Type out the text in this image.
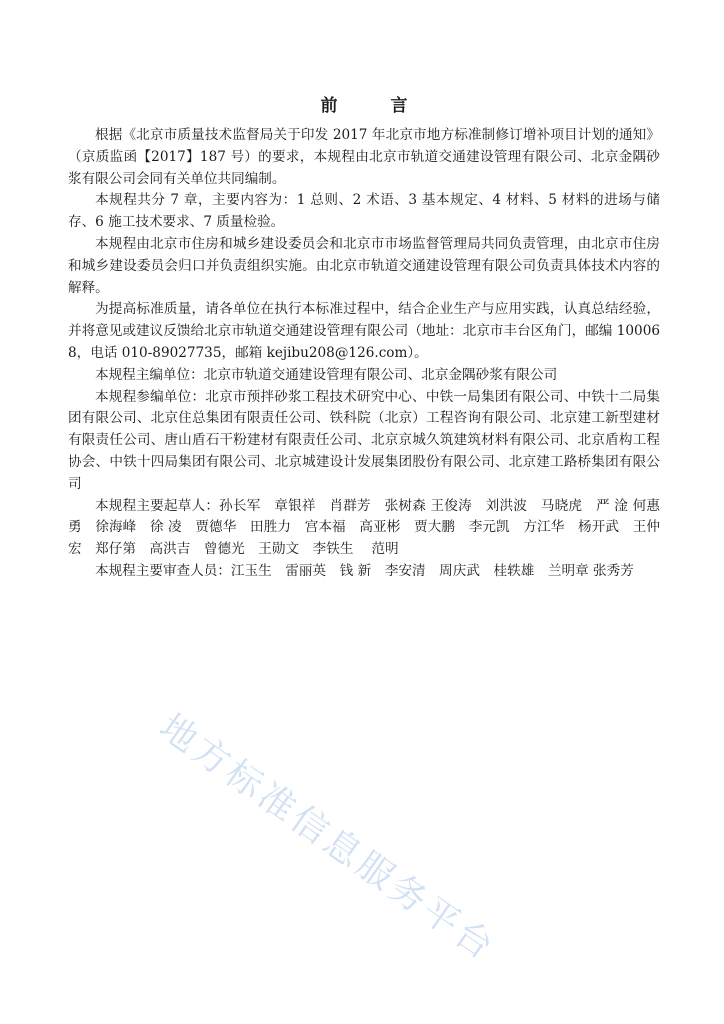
前　言

根据《北京市质量技术监督局关于印发 2017 年北京市地方标准制修订增补项目计划的通知》（京质监函【2017】187 号）的要求，本规程由北京市轨道交通建设管理有限公司、北京金隅砂浆有限公司会同有关单位共同编制。

本规程共分 7 章，主要内容为：1 总则、2 术语、3 基本规定、4 材料、5 材料的进场与储存、6 施工技术要求、7 质量检验。

本规程由北京市住房和城乡建设委员会和北京市市场监督管理局共同负责管理，由北京市住房和城乡建设委员会归口并负责组织实施。由北京市轨道交通建设管理有限公司负责具体技术内容的解释。

为提高标准质量，请各单位在执行本标准过程中，结合企业生产与应用实践，认真总结经验，并将意见或建议反馈给北京市轨道交通建设管理有限公司（地址：北京市丰台区角门，邮编 100068，电话 010-89027735，邮箱 kejibu208@126.com）。

本规程主编单位：北京市轨道交通建设管理有限公司、北京金隅砂浆有限公司

本规程参编单位：北京市预拌砂浆工程技术研究中心、中铁一局集团有限公司、中铁十二局集团有限公司、北京住总集团有限责任公司、铁科院（北京）工程咨询有限公司、北京建工新型建材有限责任公司、唐山盾石干粉建材有限责任公司、北京京城久筑建筑材料有限公司、北京盾构工程协会、中铁十四局集团有限公司、北京城建设计发展集团股份有限公司、北京建工路桥集团有限公司

本规程主要起草人：孙长军　章银祥　肖群芳　张树森 王俊涛　刘洪波　马晓虎　严 淦 何惠勇　徐海峰　徐 凌　贾德华　田胜力　宫本福　高亚彬　贾大鹏　李元凯　方江华　杨开武　王仲宏　郑仔第　高洪吉　曾德光　王勋文　李铁生　 范明

本规程主要审查人员：江玉生　雷丽英　钱 新　李安清　周庆武　桂轶雄　兰明章 张秀芳

地方标准信息服务平台
